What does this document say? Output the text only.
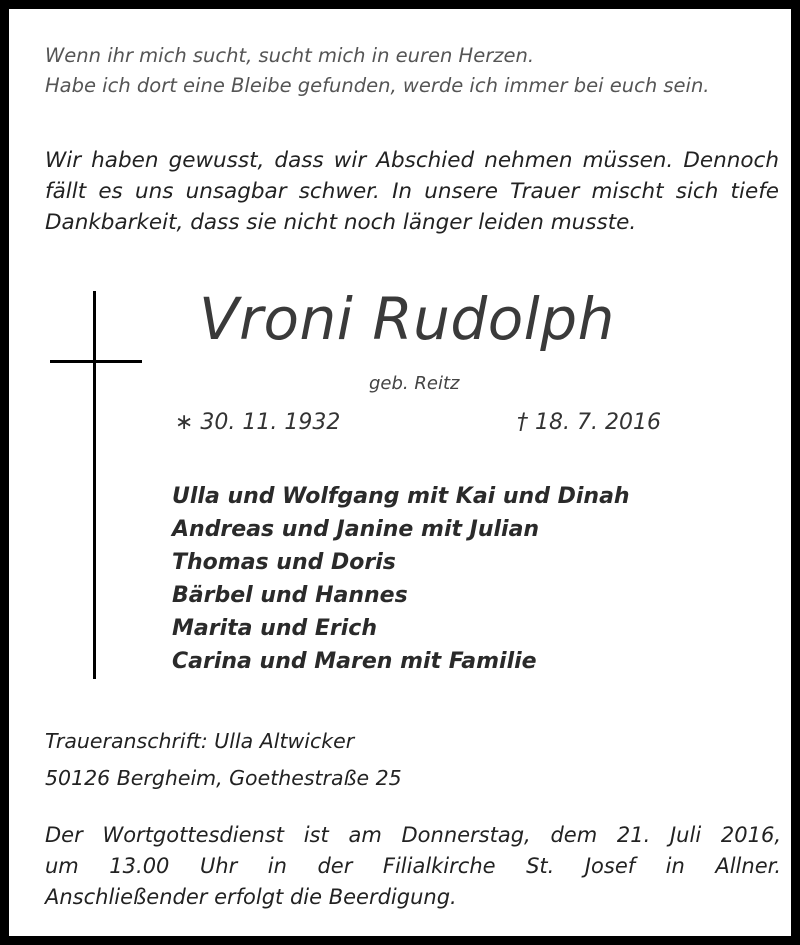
Wenn ihr mich sucht, sucht mich in euren Herzen.

Habe ich dort eine Bleibe gefunden, werde ich immer bei euch sein.

Wir haben gewusst, dass wir Abschied nehmen müssen. Dennoch
fällt es uns unsagbar schwer. In unsere Trauer mischt sich tiefe
Dankbarkeit, dass sie nicht noch länger leiden musste.

Vroni Rudolph

geb. Reitz

∗ 30. 11. 1932	† 18. 7. 2016

Ulla und Wolfgang mit Kai und Dinah

Andreas und Janine mit Julian

Thomas und Doris

Bärbel und Hannes

Marita und Erich

Carina und Maren mit Familie

Traueranschrift: Ulla Altwicker

50126 Bergheim, Goethestraße 25

Der Wortgottesdienst ist am Donnerstag, dem 21. Juli 2016,
um 13.00 Uhr in der Filialkirche St. Josef in Allner.
Anschließender erfolgt die Beerdigung.
